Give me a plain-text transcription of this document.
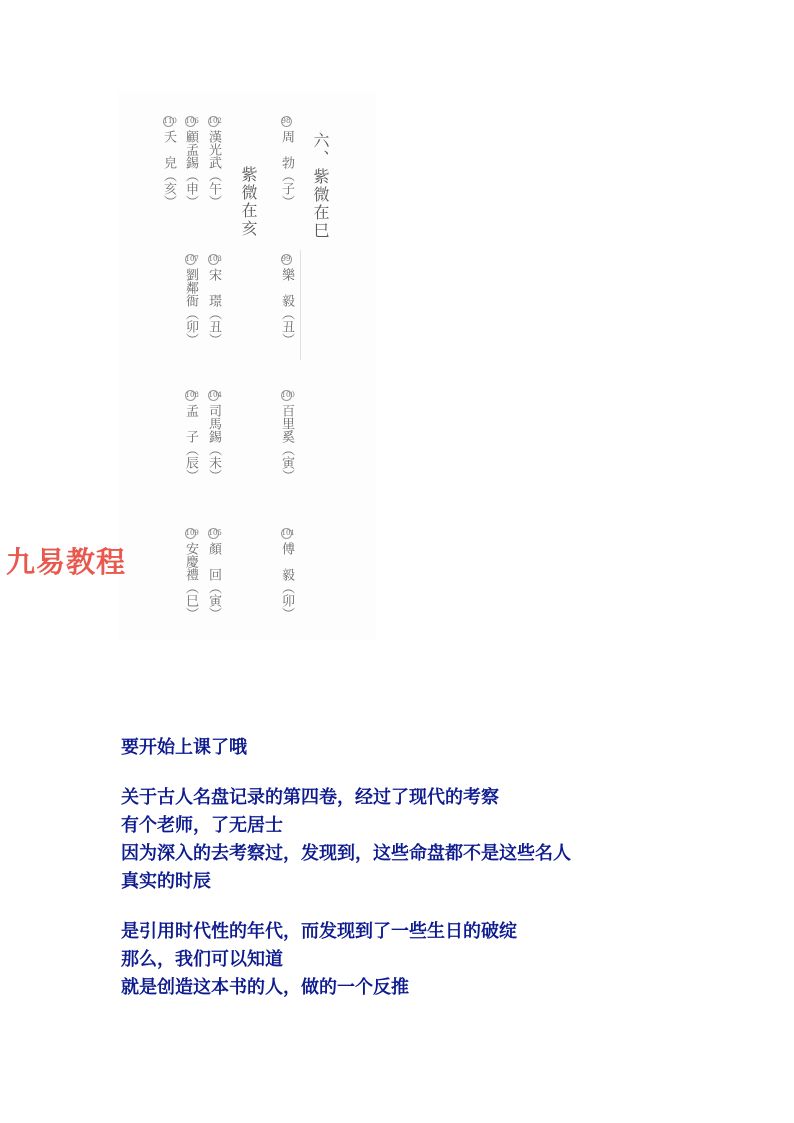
六、紫微在巳
紫微在亥
98周　勃（子）
99樂　毅（丑）
100百里奚（寅）
101傅　毅（卯）
102漢光武（午）
103宋　璟（丑）
104司馬錫（未）
105顏　回（寅）
106顧孟錫（申）
107劉鄰衙（卯）
108孟　子（辰）
109安慶禮（巳）
110夭　皃（亥）
九易教程
要开始上课了哦
关于古人名盘记录的第四卷，经过了现代的考察
有个老师，了无居士
因为深入的去考察过，发现到，这些命盘都不是这些名人
真实的时辰
是引用时代性的年代，而发现到了一些生日的破绽
那么，我们可以知道
就是创造这本书的人，做的一个反推
